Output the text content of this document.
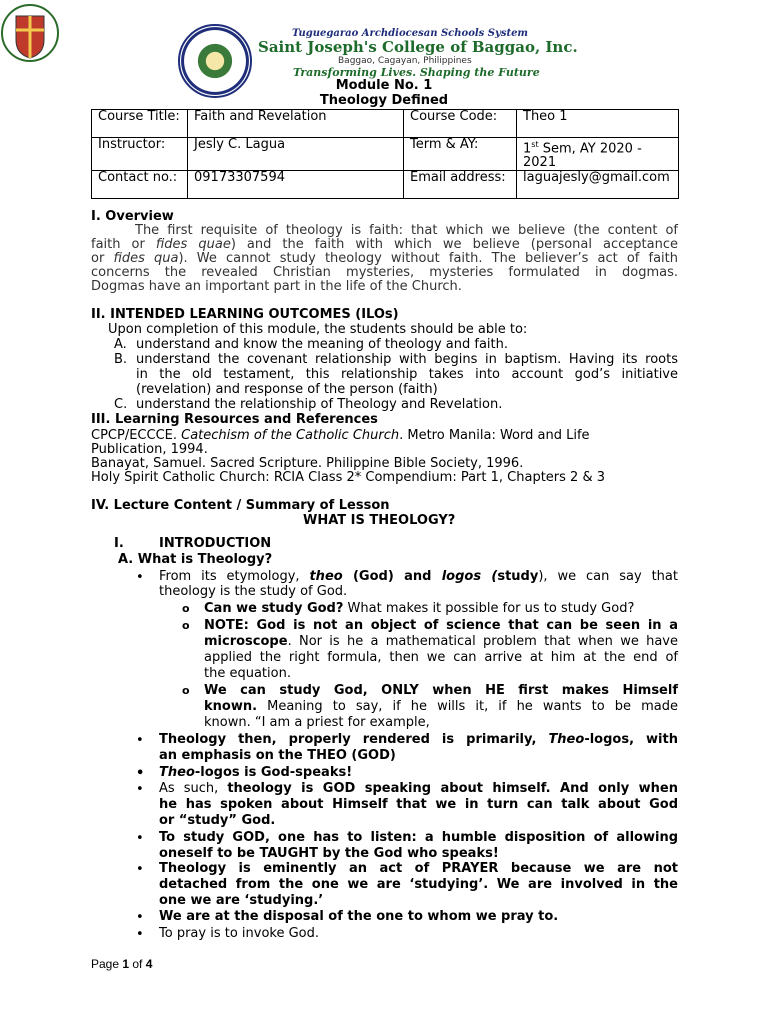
Tuguegarao Archdiocesan Schools System
Saint Joseph's College of Baggao, Inc.
Baggao, Cagayan, Philippines
Transforming Lives. Shaping the Future
Module No. 1
Theology Defined
Course Title:	Faith and Revelation	Course Code:	Theo 1
Instructor:	Jesly C. Lagua	Term & AY:	1st Sem, AY 2020 - 2021
Contact no.:	09173307594	Email address:	laguajesly@gmail.com
I. Overview
The first requisite of theology is faith: that which we believe (the content of
faith or fides quae) and the faith with which we believe (personal acceptance
or fides qua). We cannot study theology without faith. The believer’s act of faith
concerns the revealed Christian mysteries, mysteries formulated in dogmas.
Dogmas have an important part in the life of the Church.
II. INTENDED LEARNING OUTCOMES (ILOs)
Upon completion of this module, the students should be able to:
A. understand and know the meaning of theology and faith.
B. understand the covenant relationship with begins in baptism. Having its roots
in the old testament, this relationship takes into account god’s initiative
(revelation) and response of the person (faith)
C. understand the relationship of Theology and Revelation.
III. Learning Resources and References
CPCP/ECCCE. Catechism of the Catholic Church. Metro Manila: Word and Life
Publication, 1994.
Banayat, Samuel. Sacred Scripture. Philippine Bible Society, 1996.
Holy Spirit Catholic Church: RCIA Class 2* Compendium: Part 1, Chapters 2 & 3
IV. Lecture Content / Summary of Lesson
WHAT IS THEOLOGY?
I.	INTRODUCTION
A. What is Theology?
• From its etymology, theo (God) and logos (study), we can say that
theology is the study of God.
o Can we study God? What makes it possible for us to study God?
o NOTE: God is not an object of science that can be seen in a
microscope. Nor is he a mathematical problem that when we have
applied the right formula, then we can arrive at him at the end of
the equation.
o We can study God, ONLY when HE first makes Himself
known. Meaning to say, if he wills it, if he wants to be made
known. “I am a priest for example,
• Theology then, properly rendered is primarily, Theo-logos, with
an emphasis on the THEO (GOD)
• Theo-logos is God-speaks!
• As such, theology is GOD speaking about himself. And only when
he has spoken about Himself that we in turn can talk about God
or “study” God.
• To study GOD, one has to listen: a humble disposition of allowing
oneself to be TAUGHT by the God who speaks!
• Theology is eminently an act of PRAYER because we are not
detached from the one we are ‘studying’. We are involved in the
one we are ‘studying.’
• We are at the disposal of the one to whom we pray to.
• To pray is to invoke God.
Page 1 of 4
